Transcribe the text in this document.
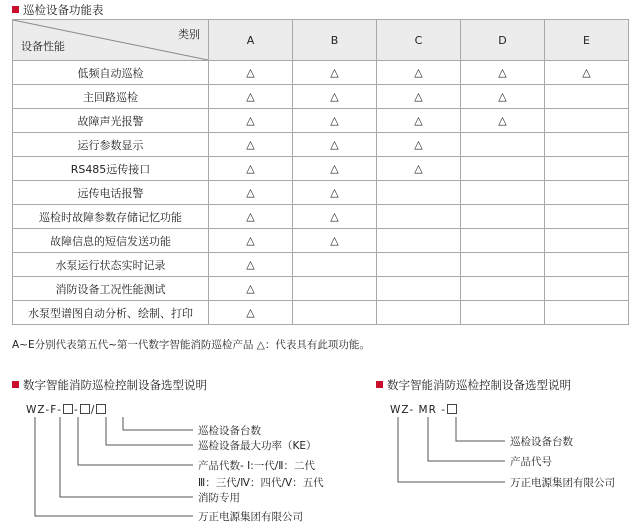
巡检设备功能表
类别
设备性能	A	B	C	D	E
低频自动巡检	△	△	△	△	△
主回路巡检	△	△	△	△	
故障声光报警	△	△	△	△	
运行参数显示	△	△	△		
RS485远传接口	△	△	△		
远传电话报警	△	△			
巡检时故障参数存储记忆功能	△	△			
故障信息的短信发送功能	△	△			
水泵运行状态实时记录	△				
消防设备工况性能测试	△				
水泵型谱图自动分析、绘制、打印	△				
A~E分别代表第五代~第一代数字智能消防巡检产品 △：代表具有此项功能。
数字智能消防巡检控制设备选型说明
WZ-F- - /
巡检设备台数
巡检设备最大功率（KE）
产品代数- Ⅰ:一代/Ⅱ：二代
Ⅲ：三代/Ⅳ：四代/Ⅴ：五代
消防专用
万正电源集团有限公司
数字智能消防巡检控制设备选型说明
WZ- MR -
巡检设备台数
产品代号
万正电源集团有限公司
